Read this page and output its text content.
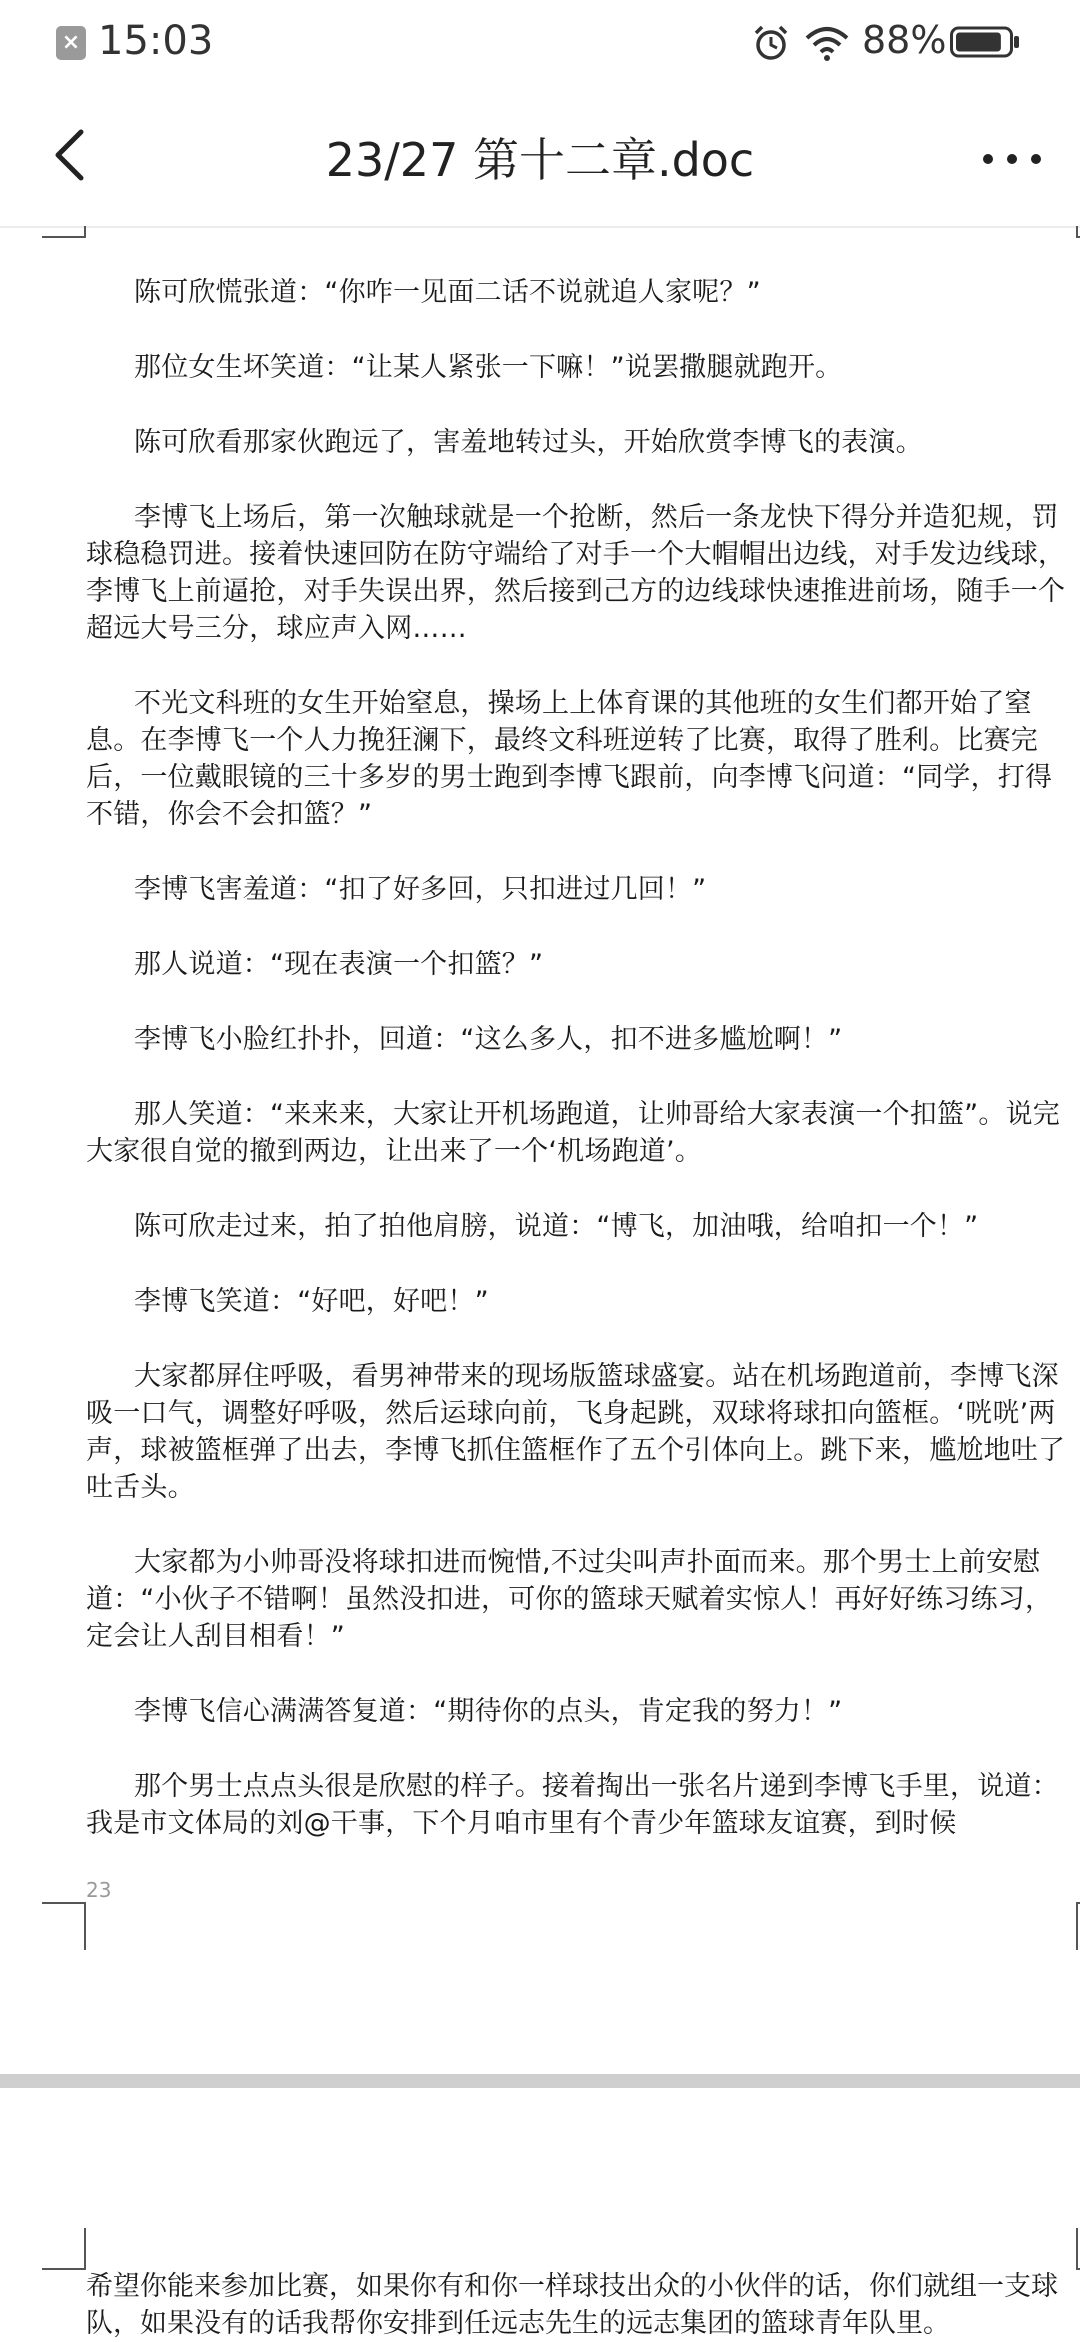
× 15:03	88%
23/27 第十二章.doc

陈可欣慌张道：“你咋一见面二话不说就追人家呢？”

那位女生坏笑道：“让某人紧张一下嘛！”说罢撒腿就跑开。

陈可欣看那家伙跑远了，害羞地转过头，开始欣赏李博飞的表演。

李博飞上场后，第一次触球就是一个抢断，然后一条龙快下得分并造犯规，罚球稳稳罚进。接着快速回防在防守端给了对手一个大帽帽出边线，对手发边线球，李博飞上前逼抢，对手失误出界，然后接到己方的边线球快速推进前场，随手一个超远大号三分，球应声入网……

不光文科班的女生开始窒息，操场上上体育课的其他班的女生们都开始了窒息。在李博飞一个人力挽狂澜下，最终文科班逆转了比赛，取得了胜利。比赛完后，一位戴眼镜的三十多岁的男士跑到李博飞跟前，向李博飞问道：“同学，打得不错，你会不会扣篮？”

李博飞害羞道：“扣了好多回，只扣进过几回！”

那人说道：“现在表演一个扣篮？”

李博飞小脸红扑扑，回道：“这么多人，扣不进多尴尬啊！”

那人笑道：“来来来，大家让开机场跑道，让帅哥给大家表演一个扣篮”。说完大家很自觉的撤到两边，让出来了一个‘机场跑道’。

陈可欣走过来，拍了拍他肩膀，说道：“博飞，加油哦，给咱扣一个！”

李博飞笑道：“好吧，好吧！”

大家都屏住呼吸，看男神带来的现场版篮球盛宴。站在机场跑道前，李博飞深吸一口气，调整好呼吸，然后运球向前，飞身起跳，双球将球扣向篮框。‘咣咣’两声，球被篮框弹了出去，李博飞抓住篮框作了五个引体向上。跳下来，尴尬地吐了吐舌头。

大家都为小帅哥没将球扣进而惋惜,不过尖叫声扑面而来。那个男士上前安慰道：“小伙子不错啊！虽然没扣进，可你的篮球天赋着实惊人！再好好练习练习，定会让人刮目相看！”

李博飞信心满满答复道：“期待你的点头，肯定我的努力！”

那个男士点点头很是欣慰的样子。接着掏出一张名片递到李博飞手里，说道：我是市文体局的刘@干事，下个月咱市里有个青少年篮球友谊赛，到时候

23

希望你能来参加比赛，如果你有和你一样球技出众的小伙伴的话，你们就组一支球队，如果没有的话我帮你安排到任远志先生的远志集团的篮球青年队里。
